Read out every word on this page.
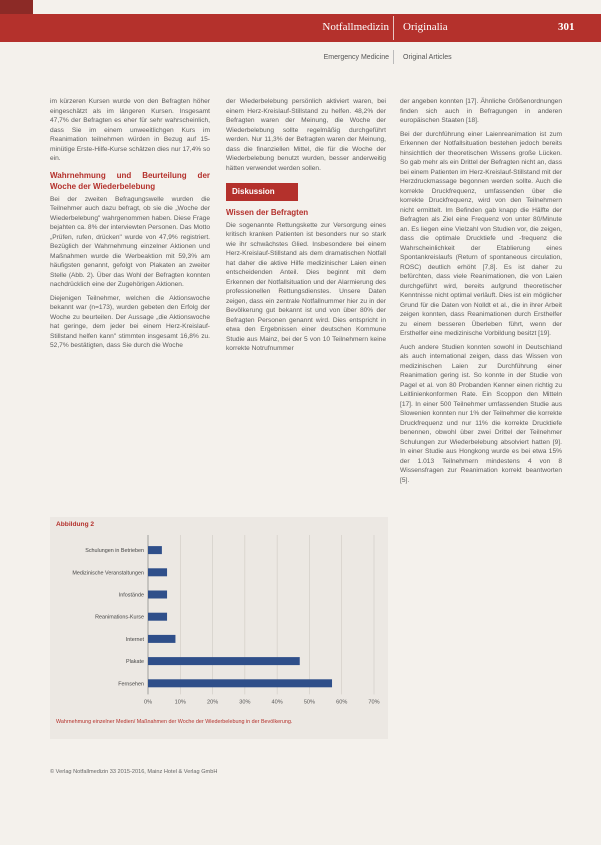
Notfallmedizin Originalia	301
Emergency Medicine Original Articles

im kürzeren Kursen wurde von den Befragten höher eingeschätzt als im längeren Kursen. Insgesamt 47,7% der Befragten es eher für sehr wahrscheinlich, dass Sie im einem unweeitlichgen Kurs im Reanimation teilnehmen würden in Bezug auf 15-minütige Erste-Hilfe-Kurse schätzen dies nur 17,4% so ein.

Wahrnehmung und Beurteilung der Woche der Wiederbelebung

Bei der zweiten Befragungswelle wurden die Teilnehmer auch dazu befragt, ob sie die „Woche der Wiederbelebung" wahrgenommen haben. Diese Frage bejahten ca. 8% der interviewten Personen. Das Motto „Prüfen, rufen, drücken" wurde von 47,9% registriert. Bezüglich der Wahrnehmung einzelner Aktionen und Maßnahmen wurde die Werbeaktion mit 59,3% am häufigsten genannt, gefolgt von Plakaten an zweiter Stelle (Abb. 2). Über das Wohl der Befragten konnten nachdrücklich eine der Zugehörigen Aktionen.

Diejenigen Teilnehmer, welchen die Aktionswoche bekannt war (n=173), wurden gebeten den Erfolg der Woche zu beurteilen. Der Aussage „die Aktionswoche hat geringe, dem jeder bei einem Herz-Kreislauf-Stillstand helfen kann" stimmten insgesamt 16,8% zu. 52,7% bestätigten, dass Sie durch die Woche

der Wiederbelebung persönlich aktiviert waren, bei einem Herz-Kreislauf-Stillstand zu helfen. 48,2% der Befragten waren der Meinung, die Woche der Wiederbelebung sollte regelmäßig durchgeführt werden. Nur 11,3% der Befragten waren der Meinung, dass die finanziellen Mittel, die für die Woche der Wiederbelebung benutzt wurden, besser anderweitig hätten verwendet werden sollen.

Diskussion
Wissen der Befragten

Die sogenannte Rettungskette zur Versorgung eines kritisch kranken Patienten ist besonders nur so stark wie ihr schwächstes Glied. Insbesondere bei einem Herz-Kreislauf-Stillstand als dem dramatischen Notfall hat daher die aktive Hilfe medizinischer Laien einen entscheidenden Anteil. Dies beginnt mit dem Erkennen der Notfallsituation und der Alarmierung des professionellen Rettungsdienstes. Unsere Daten zeigen, dass ein zentrale Notfallnummer hier zu in der Bevölkerung gut bekannt ist und von über 80% der Befragten Personen genannt wird. Dies entspricht in etwa den Ergebnissen einer deutschen Kommune Studie aus Mainz, bei der 5 von 10 Teilnehmern keine korrekte Notrufnummer

der angeben konnten [17]. Ähnliche Größenordnungen finden sich auch in Befragungen in anderen europäischen Staaten [18].

Bei der durchführung einer Laienreanimation ist zum Erkennen der Notfallsituation bestehen jedoch bereits hinsichtlich der theoretischen Wissens große Lücken. So gab mehr als ein Drittel der Befragten nicht an, dass bei einem Patienten im Herz-Kreislauf-Stillstand mit der Herzdruckmassage begonnen werden sollte. Auch die korrekte Druckfrequenz, umfassenden über die korrekte Druckfrequenz, wird von den Teilnehmern nicht ermittelt. Im Befinden gab knapp die Hälfte der Befragten als Ziel eine Frequenz von unter 80/Minute an. Es liegen eine Vielzahl von Studien vor, die zeigen, dass die optimale Drucktiefe und -frequenz die Wahrscheinlichkeit der Etablierung eines Spontankreislaufs (Return of spontaneous circulation, ROSC) deutlich erhöht [7,8]. Es ist daher zu befürchten, dass viele Reanimationen, die von Laien durchgeführt wird, bereits aufgrund theoretischer Kenntnisse nicht optimal verläuft. Dies ist ein möglicher Grund für die Daten von Nolldt et al., die in ihrer Arbeit zeigen konnten, dass Reanimationen durch Ersthelfer zu einem besseren Überleben führt, wenn der Ersthelfer eine medizinische Vorbildung besitzt [19].

Auch andere Studien konnten sowohl in Deutschland als auch international zeigen, dass das Wissen von medizinischen Laien zur Durchführung einer Reanimation gering ist. So konnte in der Studie von Pagel et al. von 80 Probanden Kenner einen richtig zu Leitlinienkonformen Rate. Ein Scoppon den Mitteln [17]. In einer 500 Teilnehmer umfassenden Studie aus Slowenien konnten nur 1% der Teilnehmer die korrekte Druckfrequenz und nur 11% die korrekte Drucktiefe benennen, obwohl über zwei Drittel der Teilnehmer Schulungen zur Wiederbelebung absolviert hatten [9]. In einer Studie aus Hongkong wurde es bei etwa 15% der 1.013 Teilnehmern mindestens 4 von 8 Wissensfragen zur Reanimation korrekt beantworten [5].

Abbildung 2
0%	10%	20%	30%	40%	50%	60%	70%
Schulungen in Betrieben
Medizinische Veranstaltungen
Infostände
Reanimations-Kurse
Internet
Plakate
Fernsehen
Wahrnehmung einzelner Medien/ Maßnahmen der Woche der Wiederbelebung in der Bevölkerung.
© Verlag Notfallmedizin 33 2015-2016, Mainz Hotel & Verlag GmbH
